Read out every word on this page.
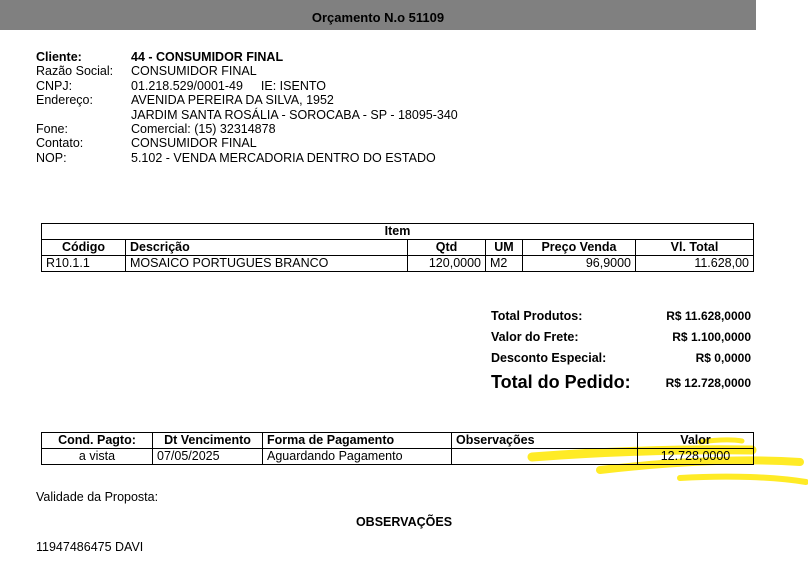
Orçamento N.o 51109
Cliente:	44 - CONSUMIDOR FINAL
Razão Social:	CONSUMIDOR FINAL
CNPJ:	01.218.529/0001-49 IE: ISENTO
Endereço:	AVENIDA PEREIRA DA SILVA, 1952
JARDIM SANTA ROSÁLIA - SOROCABA - SP - 18095-340
Fone:	Comercial: (15) 32314878
Contato:	CONSUMIDOR FINAL
NOP:	5.102 - VENDA MERCADORIA DENTRO DO ESTADO
Item					
Código	Descrição	Qtd	UM	Preço Venda	Vl. Total
R10.1.1	MOSAICO PORTUGUES BRANCO	120,0000	M2	96,9000	11.628,00
Total Produtos:	R$ 11.628,0000
Valor do Frete:	R$ 1.100,0000
Desconto Especial:	R$ 0,0000
Total do Pedido:	R$ 12.728,0000
Cond. Pagto:	Dt Vencimento	Forma de Pagamento	Observações	Valor
a vista	07/05/2025	Aguardando Pagamento		12.728,0000
Validade da Proposta:
OBSERVAÇÕES
11947486475 DAVI
